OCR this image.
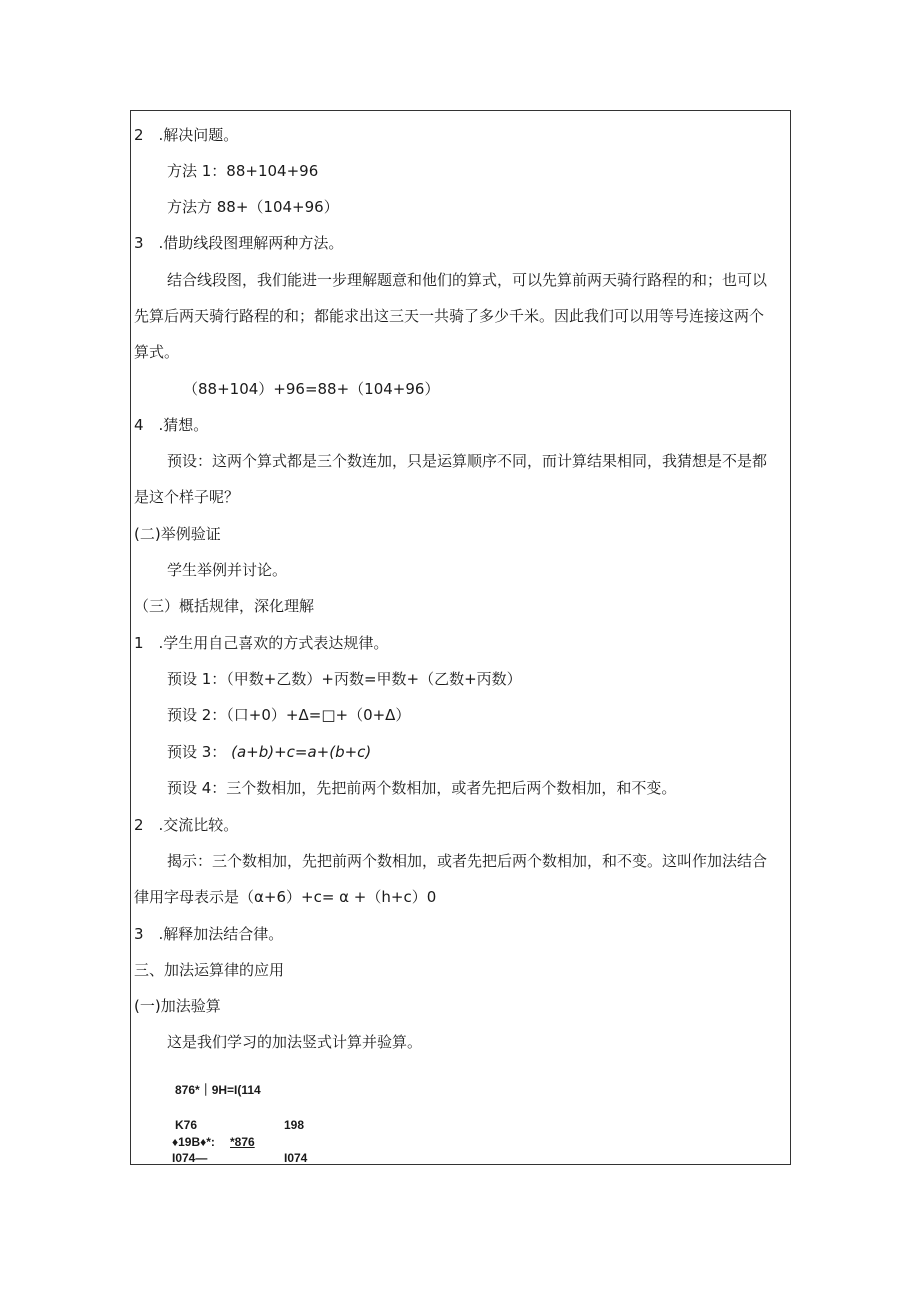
2　.解决问题。
方法 1：88+104+96
方法方 88+（104+96）
3　.借助线段图理解两种方法。
结合线段图，我们能进一步理解题意和他们的算式，可以先算前两天骑行路程的和；也可以
先算后两天骑行路程的和；都能求出这三天一共骑了多少千米。因此我们可以用等号连接这两个
算式。
（88+104）+96=88+（104+96）
4　.猜想。
预设：这两个算式都是三个数连加，只是运算顺序不同，而计算结果相同，我猜想是不是都
是这个样子呢？
(二)举例验证
学生举例并讨论。
（三）概括规律，深化理解
1　.学生用自己喜欢的方式表达规律。
预设 1：（甲数+乙数）+丙数=甲数+（乙数+丙数）
预设 2：（口+0）+Δ=□+（0+Δ）
预设 3： (a+b)+c=a+(b+c)
预设 4：三个数相加，先把前两个数相加，或者先把后两个数相加，和不变。
2　.交流比较。
揭示：三个数相加，先把前两个数相加，或者先把后两个数相加，和不变。这叫作加法结合
律用字母表示是（α+6）+c= α +（h+c）0
3　.解释加法结合律。
三、加法运算律的应用
(一)加法验算
这是我们学习的加法竖式计算并验算。
876*｜9H=I(114
K76	198
♦19B♦*: *876
I074—	I074
